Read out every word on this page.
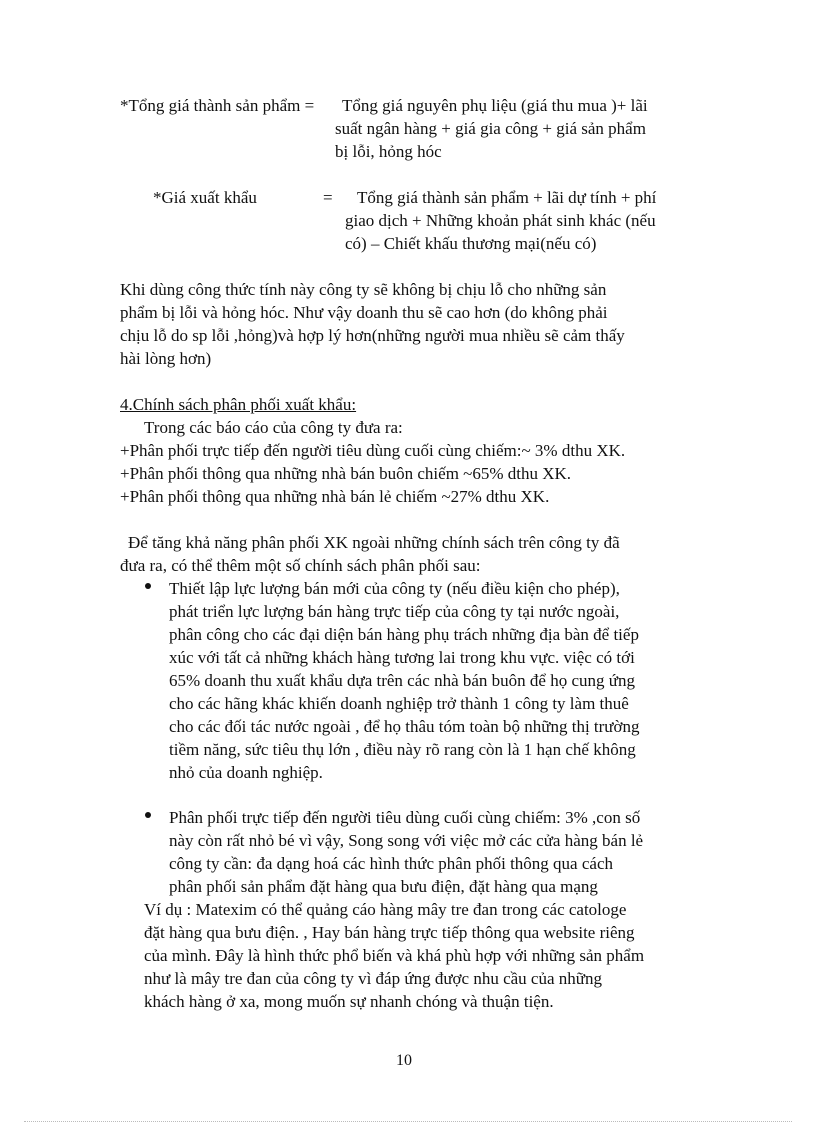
*Tổng giá thành sản phẩm = Tổng giá nguyên phụ liệu (giá thu mua )+ lãi
suất ngân hàng + giá gia công + giá sản phẩm
bị lỗi, hỏng hóc
*Giá xuất khẩu	= Tổng giá thành sản phẩm + lãi dự tính + phí
giao dịch + Những khoản phát sinh khác (nếu
có) – Chiết khấu thương mại(nếu có)
Khi dùng công thức tính này công ty sẽ không bị chịu lỗ cho những sản
phẩm bị lỗi và hỏng hóc. Như vậy doanh thu sẽ cao hơn (do không phải
chịu lỗ do sp lỗi ,hỏng)và hợp lý hơn(những người mua nhiều sẽ cảm thấy
hài lòng hơn)
4.Chính sách phân phối xuất khẩu:
Trong các báo cáo của công ty đưa ra:
+Phân phối trực tiếp đến người tiêu dùng cuối cùng chiếm:~ 3% dthu XK.
+Phân phối thông qua những nhà bán buôn chiếm ~65% dthu XK.
+Phân phối thông qua những nhà bán lẻ chiếm ~27% dthu XK.
Để tăng khả năng phân phối XK ngoài những chính sách trên công ty đã
đưa ra, có thể thêm một số chính sách phân phối sau:
Thiết lập lực lượng bán mới của công ty (nếu điều kiện cho phép),
phát triển lực lượng bán hàng trực tiếp của công ty tại nước ngoài,
phân công cho các đại diện bán hàng phụ trách những địa bàn để tiếp
xúc với tất cả những khách hàng tương lai trong khu vực. việc có tới
65% doanh thu xuất khẩu dựa trên các nhà bán buôn để họ cung ứng
cho các hãng khác khiến doanh nghiệp trở thành 1 công ty làm thuê
cho các đối tác nước ngoài , để họ thâu tóm toàn bộ những thị trường
tiềm năng, sức tiêu thụ lớn , điều này rõ rang còn là 1 hạn chế không
nhỏ của doanh nghiệp.
Phân phối trực tiếp đến người tiêu dùng cuối cùng chiếm: 3% ,con số
này còn rất nhỏ bé vì vậy, Song song với việc mở các cửa hàng bán lẻ
công ty cần: đa dạng hoá các hình thức phân phối thông qua cách
phân phối sản phẩm đặt hàng qua bưu điện, đặt hàng qua mạng
Ví dụ : Matexim có thể quảng cáo hàng mây tre đan trong các catologe
đặt hàng qua bưu điện. , Hay bán hàng trực tiếp thông qua website riêng
của mình. Đây là hình thức phổ biến và khá phù hợp với những sản phẩm
như là mây tre đan của công ty vì đáp ứng được nhu cầu của những
khách hàng ở xa, mong muốn sự nhanh chóng và thuận tiện.
10
